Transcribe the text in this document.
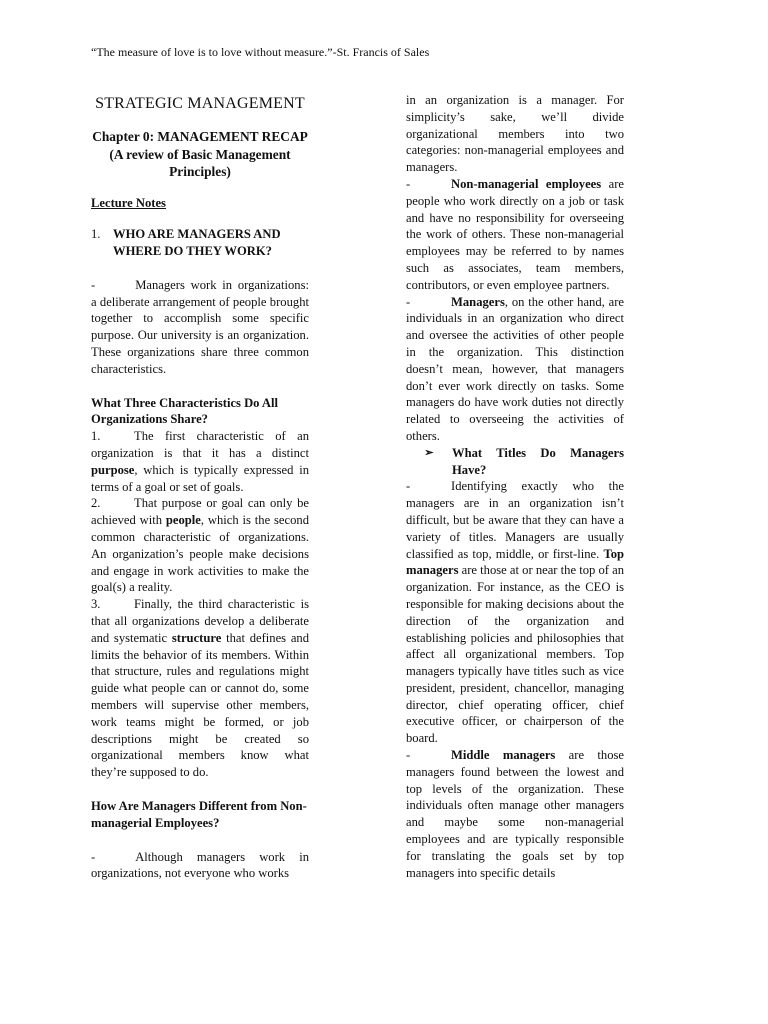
“The measure of love is to love without measure.”-St. Francis of Sales

STRATEGIC MANAGEMENT

Chapter 0: MANAGEMENT RECAP
(A review of Basic Management Principles)

Lecture Notes

1. WHO ARE MANAGERS AND WHERE DO THEY WORK?

-	Managers work in organizations: a deliberate arrangement of people brought together to accomplish some specific purpose. Our university is an organization. These organizations share three common characteristics.

What Three Characteristics Do All Organizations Share?

1.	The first characteristic of an organization is that it has a distinct purpose, which is typically expressed in terms of a goal or set of goals.

2.	That purpose or goal can only be achieved with people, which is the second common characteristic of organizations. An organization’s people make decisions and engage in work activities to make the goal(s) a reality.

3.	Finally, the third characteristic is that all organizations develop a deliberate and systematic structure that defines and limits the behavior of its members. Within that structure, rules and regulations might guide what people can or cannot do, some members will supervise other members, work teams might be formed, or job descriptions might be created so organizational members know what they’re supposed to do.

How Are Managers Different from Non-managerial Employees?

-	Although managers work in organizations, not everyone who works

in an organization is a manager. For simplicity’s sake, we’ll divide organizational members into two categories: non-managerial employees and managers.

-	Non-managerial employees are people who work directly on a job or task and have no responsibility for overseeing the work of others. These non-managerial employees may be referred to by names such as associates, team members, contributors, or even employee partners.

-	Managers, on the other hand, are individuals in an organization who direct and oversee the activities of other people in the organization. This distinction doesn’t mean, however, that managers don’t ever work directly on tasks. Some managers do have work duties not directly related to overseeing the activities of others.

➢	What Titles Do Managers Have?

-	Identifying exactly who the managers are in an organization isn’t difficult, but be aware that they can have a variety of titles. Managers are usually classified as top, middle, or first-line. Top managers are those at or near the top of an organization. For instance, as the CEO is responsible for making decisions about the direction of the organization and establishing policies and philosophies that affect all organizational members. Top managers typically have titles such as vice president, president, chancellor, managing director, chief operating officer, chief executive officer, or chairperson of the board.

-	Middle managers are those managers found between the lowest and top levels of the organization. These individuals often manage other managers and maybe some non-managerial employees and are typically responsible for translating the goals set by top managers into specific details
